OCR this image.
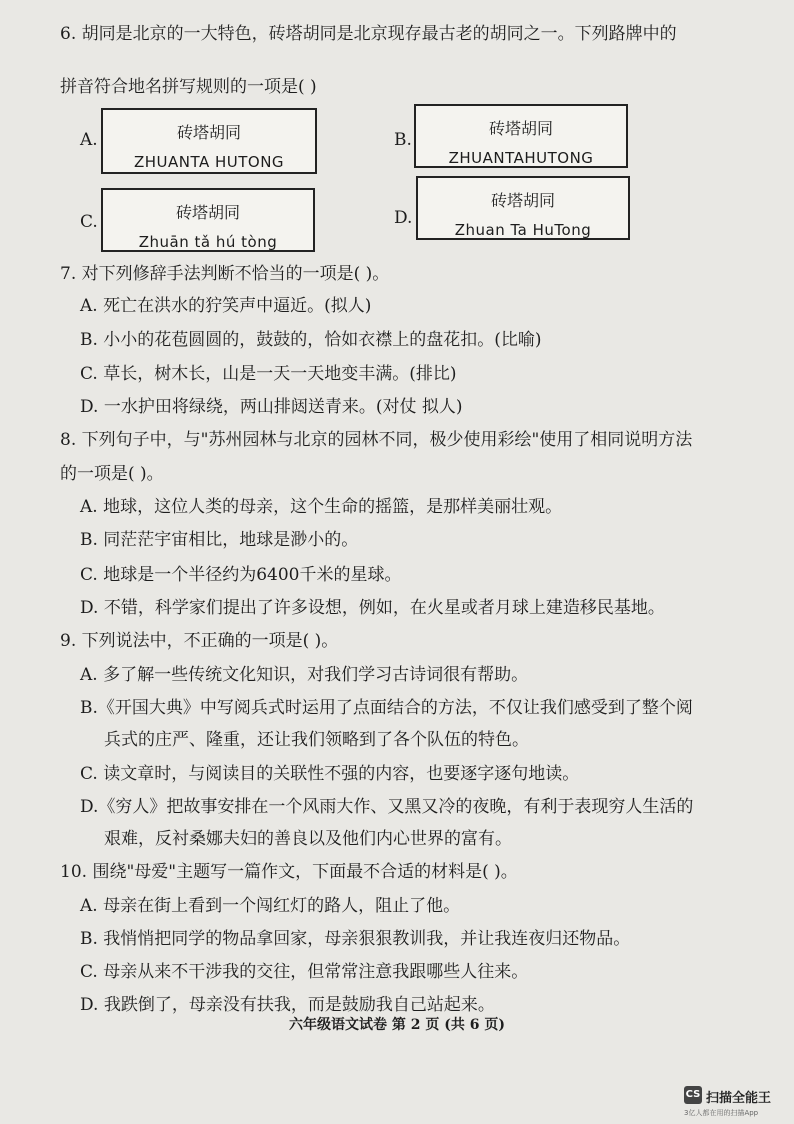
6. 胡同是北京的一大特色，砖塔胡同是北京现存最古老的胡同之一。下列路牌中的
拼音符合地名拼写规则的一项是( )
A.	砖塔胡同
ZHUANTA HUTONG
B.
砖塔胡同
ZHUANTAHUTONG
C.	砖塔胡同
Zhuān tǎ hú tòng
D.
砖塔胡同
Zhuan Ta HuTong
7. 对下列修辞手法判断不恰当的一项是( )。
A. 死亡在洪水的狞笑声中逼近。(拟人)
B. 小小的花苞圆圆的，鼓鼓的，恰如衣襟上的盘花扣。(比喻)
C. 草长，树木长，山是一天一天地变丰满。(排比)
D. 一水护田将绿绕，两山排闼送青来。(对仗 拟人)
8. 下列句子中，与"苏州园林与北京的园林不同，极少使用彩绘"使用了相同说明方法
的一项是( )。
A. 地球，这位人类的母亲，这个生命的摇篮，是那样美丽壮观。
B. 同茫茫宇宙相比，地球是渺小的。
C. 地球是一个半径约为6400千米的星球。
D. 不错，科学家们提出了许多设想，例如，在火星或者月球上建造移民基地。
9. 下列说法中，不正确的一项是( )。
A. 多了解一些传统文化知识，对我们学习古诗词很有帮助。
B.《开国大典》中写阅兵式时运用了点面结合的方法，不仅让我们感受到了整个阅
兵式的庄严、隆重，还让我们领略到了各个队伍的特色。
C. 读文章时，与阅读目的关联性不强的内容，也要逐字逐句地读。
D.《穷人》把故事安排在一个风雨大作、又黑又冷的夜晚，有利于表现穷人生活的
艰难，反衬桑娜夫妇的善良以及他们内心世界的富有。
10. 围绕"母爱"主题写一篇作文，下面最不合适的材料是( )。
A. 母亲在街上看到一个闯红灯的路人，阻止了他。
B. 我悄悄把同学的物品拿回家，母亲狠狠教训我，并让我连夜归还物品。
C. 母亲从来不干涉我的交往，但常常注意我跟哪些人往来。
D. 我跌倒了，母亲没有扶我，而是鼓励我自己站起来。
六年级语文试卷 第 2 页 (共 6 页)
CS 扫描全能王
3亿人都在用的扫描App
